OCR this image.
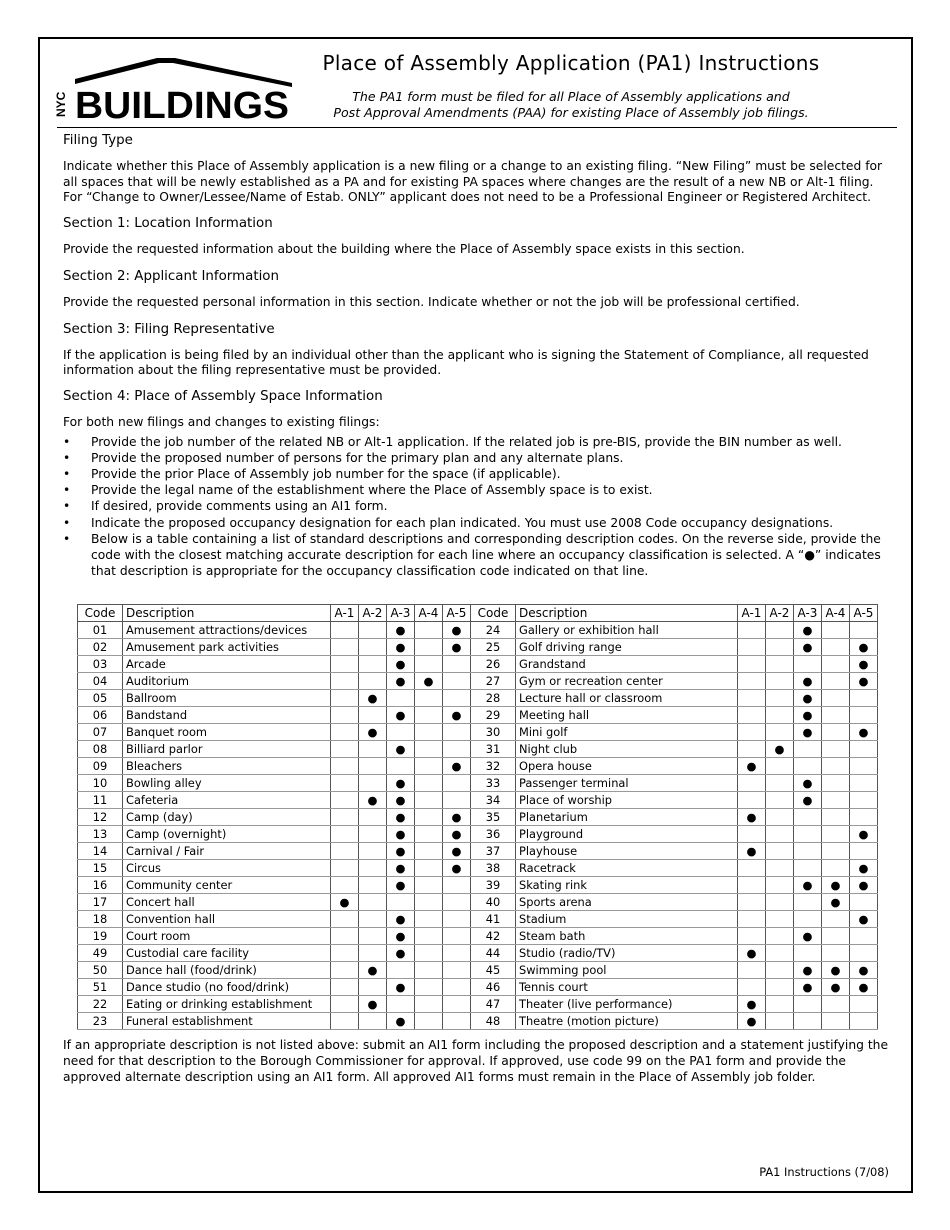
NYC BUILDINGS
Place of Assembly Application (PA1) Instructions
The PA1 form must be filed for all Place of Assembly applications and
Post Approval Amendments (PAA) for existing Place of Assembly job filings.
Filing Type

Indicate whether this Place of Assembly application is a new filing or a change to an existing filing. “New Filing” must be selected for all spaces that will be newly established as a PA and for existing PA spaces where changes are the result of a new NB or Alt-1 filing. For “Change to Owner/Lessee/Name of Estab. ONLY” applicant does not need to be a Professional Engineer or Registered Architect.

Section 1: Location Information

Provide the requested information about the building where the Place of Assembly space exists in this section.

Section 2: Applicant Information

Provide the requested personal information in this section. Indicate whether or not the job will be professional certified.

Section 3: Filing Representative

If the application is being filed by an individual other than the applicant who is signing the Statement of Compliance, all requested information about the filing representative must be provided.

Section 4: Place of Assembly Space Information

For both new filings and changes to existing filings:

• Provide the job number of the related NB or Alt-1 application. If the related job is pre-BIS, provide the BIN number as well.
• Provide the proposed number of persons for the primary plan and any alternate plans.
• Provide the prior Place of Assembly job number for the space (if applicable).
• Provide the legal name of the establishment where the Place of Assembly space is to exist.
• If desired, provide comments using an AI1 form.
• Indicate the proposed occupancy designation for each plan indicated. You must use 2008 Code occupancy designations.
• Below is a table containing a list of standard descriptions and corresponding description codes. On the reverse side, provide the code with the closest matching accurate description for each line where an occupancy classification is selected. A “●” indicates that description is appropriate for the occupancy classification code indicated on that line.
Code	Description	A-1	A-2	A-3	A-4	A-5	Code	Description	A-1	A-2	A-3	A-4	A-5
01	Amusement attractions/devices			●		●	24	Gallery or exhibition hall			●		
02	Amusement park activities			●		●	25	Golf driving range			●		●
03	Arcade			●			26	Grandstand					●
04	Auditorium			●	●		27	Gym or recreation center			●		●
05	Ballroom		●				28	Lecture hall or classroom			●		
06	Bandstand			●		●	29	Meeting hall			●		
07	Banquet room		●				30	Mini golf			●		●
08	Billiard parlor			●			31	Night club		●			
09	Bleachers					●	32	Opera house	●				
10	Bowling alley			●			33	Passenger terminal			●		
11	Cafeteria		●	●			34	Place of worship			●		
12	Camp (day)			●		●	35	Planetarium	●				
13	Camp (overnight)			●		●	36	Playground					●
14	Carnival / Fair			●		●	37	Playhouse	●				
15	Circus			●		●	38	Racetrack					●
16	Community center			●			39	Skating rink			●	●	●
17	Concert hall	●					40	Sports arena				●	
18	Convention hall			●			41	Stadium					●
19	Court room			●			42	Steam bath			●		
49	Custodial care facility			●			44	Studio (radio/TV)	●				
50	Dance hall (food/drink)		●				45	Swimming pool			●	●	●
51	Dance studio (no food/drink)			●			46	Tennis court			●	●	●
22	Eating or drinking establishment		●				47	Theater (live performance)	●				
23	Funeral establishment			●			48	Theatre (motion picture)	●				

If an appropriate description is not listed above: submit an AI1 form including the proposed description and a statement justifying the need for that description to the Borough Commissioner for approval. If approved, use code 99 on the PA1 form and provide the approved alternate description using an AI1 form. All approved AI1 forms must remain in the Place of Assembly job folder.

PA1 Instructions (7/08)
